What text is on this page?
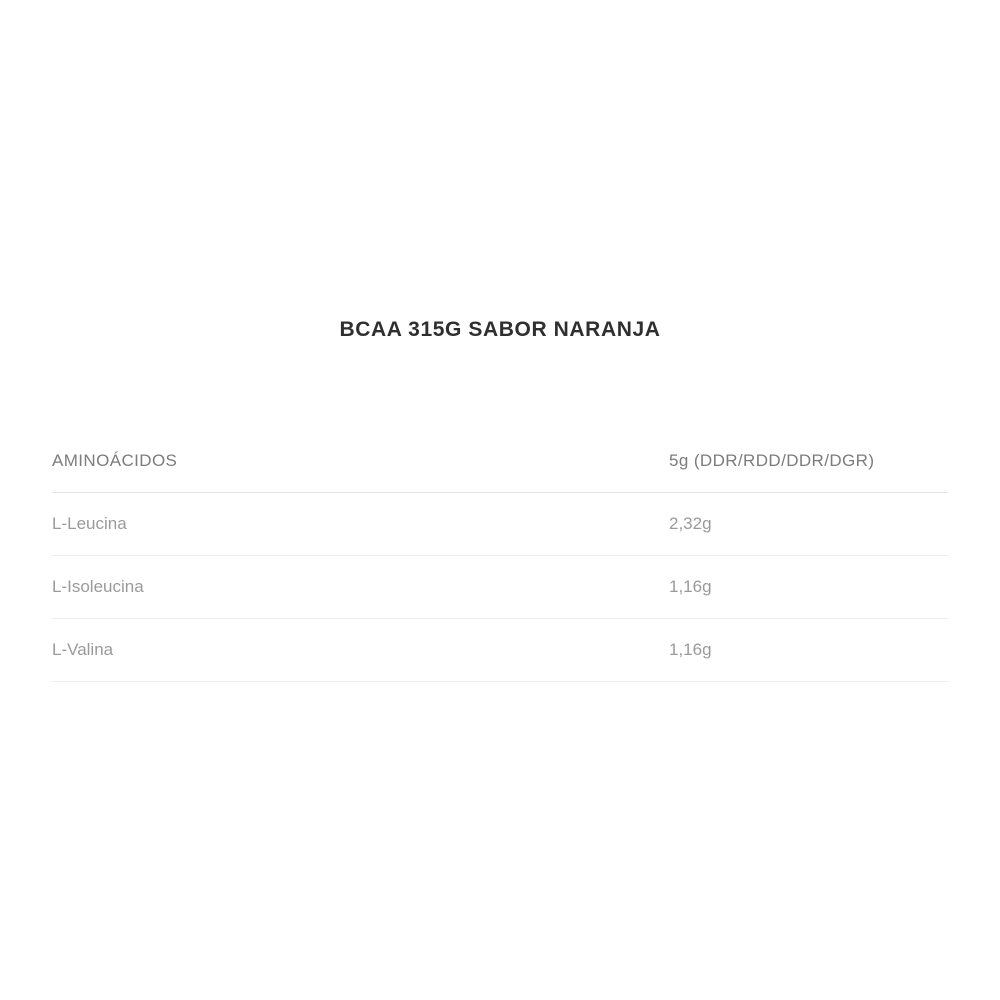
BCAA 315G SABOR NARANJA
AMINOÁCIDOS	5g (DDR/RDD/DDR/DGR)
L-Leucina	2,32g
L-Isoleucina	1,16g
L-Valina	1,16g
